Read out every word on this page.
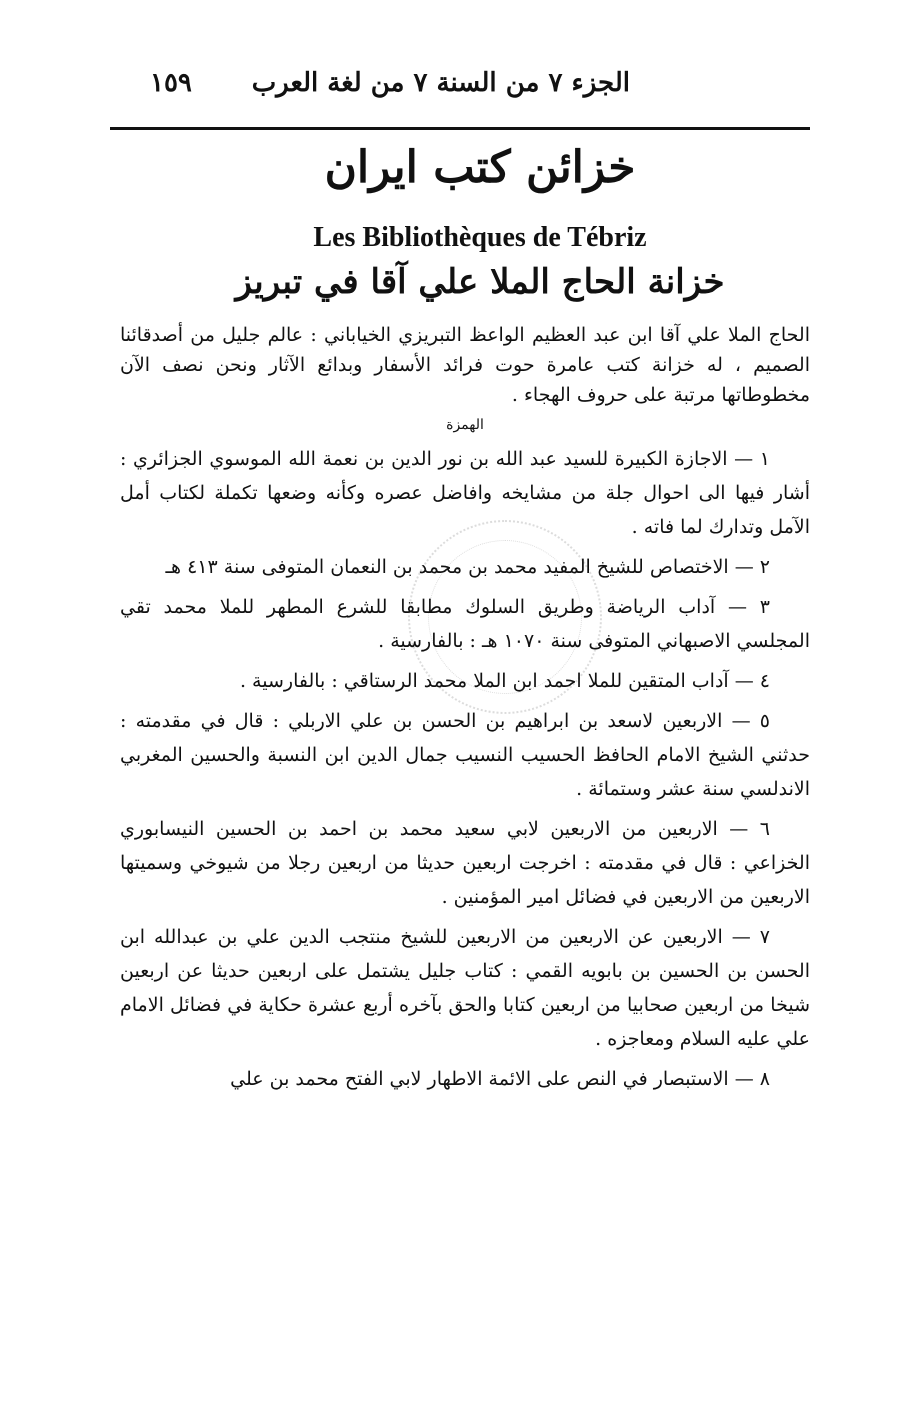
الجزء ٧ من السنة ٧ من لغة العرب
١٥٩
خزائن كتب ايران
Les Bibliothèques de Tébriz
خزانة الحاج الملا علي آقا في تبريز

الحاج الملا علي آقا ابن عبد العظيم الواعظ التبريزي الخياباني : عالم جليل من أصدقائنا الصميم ، له خزانة كتب عامرة حوت فرائد الأسفار وبدائع الآثار ونحن نصف الآن مخطوطاتها مرتبة على حروف الهجاء .

الهمزة

١ — الاجازة الكبيرة للسيد عبد الله بن نور الدين بن نعمة الله الموسوي الجزائري : أشار فيها الى احوال جلة من مشايخه وافاضل عصره وكأنه وضعها تكملة لكتاب أمل الآمل وتدارك لما فاته .

٢ — الاختصاص للشيخ المفيد محمد بن محمد بن النعمان المتوفى سنة ٤١٣ هـ

٣ — آداب الرياضة وطريق السلوك مطابقا للشرع المطهر للملا محمد تقي المجلسي الاصبهاني المتوفى سنة ١٠٧٠ هـ : بالفارسية .

٤ — آداب المتقين للملا احمد ابن الملا محمد الرستاقي : بالفارسية .

٥ — الاربعين لاسعد بن ابراهيم بن الحسن بن علي الاربلي : قال في مقدمته : حدثني الشيخ الامام الحافظ الحسيب النسيب جمال الدين ابن النسبة والحسين المغربي الاندلسي سنة عشر وستمائة .

٦ — الاربعين من الاربعين لابي سعيد محمد بن احمد بن الحسين النيسابوري الخزاعي : قال في مقدمته : اخرجت اربعين حديثا من اربعين رجلا من شيوخي وسميتها الاربعين من الاربعين في فضائل امير المؤمنين .

٧ — الاربعين عن الاربعين من الاربعين للشيخ منتجب الدين علي بن عبدالله ابن الحسن بن الحسين بن بابويه القمي : كتاب جليل يشتمل على اربعين حديثا عن اربعين شيخا من اربعين صحابيا من اربعين كتابا والحق بآخره أربع عشرة حكاية في فضائل الامام علي عليه السلام ومعاجزه .

٨ — الاستبصار في النص على الائمة الاطهار لابي الفتح محمد بن علي
